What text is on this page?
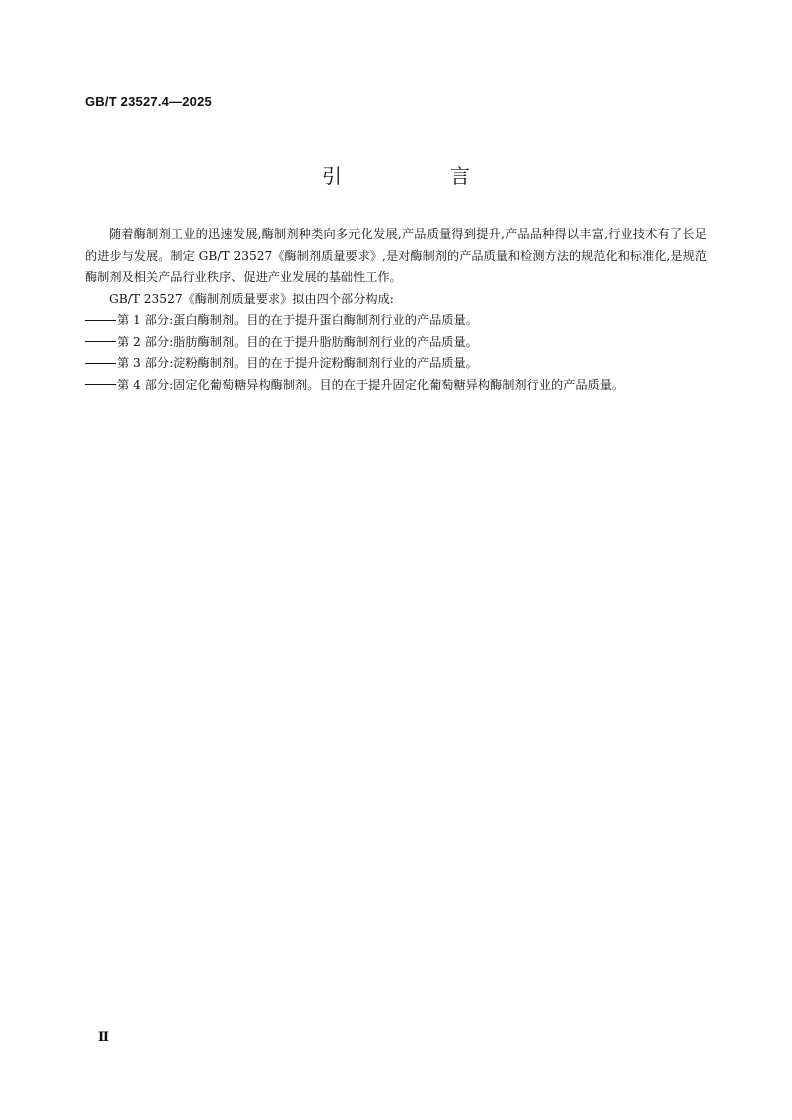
GB/T 23527.4—2025
引　言

随着酶制剂工业的迅速发展,酶制剂种类向多元化发展,产品质量得到提升,产品品种得以丰富,行业技术有了长足的进步与发展。制定 GB/T 23527《酶制剂质量要求》,是对酶制剂的产品质量和检测方法的规范化和标准化,是规范酶制剂及相关产品行业秩序、促进产业发展的基础性工作。

GB/T 23527《酶制剂质量要求》拟由四个部分构成:

第 1 部分:蛋白酶制剂。目的在于提升蛋白酶制剂行业的产品质量。

第 2 部分:脂肪酶制剂。目的在于提升脂肪酶制剂行业的产品质量。

第 3 部分:淀粉酶制剂。目的在于提升淀粉酶制剂行业的产品质量。

第 4 部分:固定化葡萄糖异构酶制剂。目的在于提升固定化葡萄糖异构酶制剂行业的产品质量。

Ⅱ
